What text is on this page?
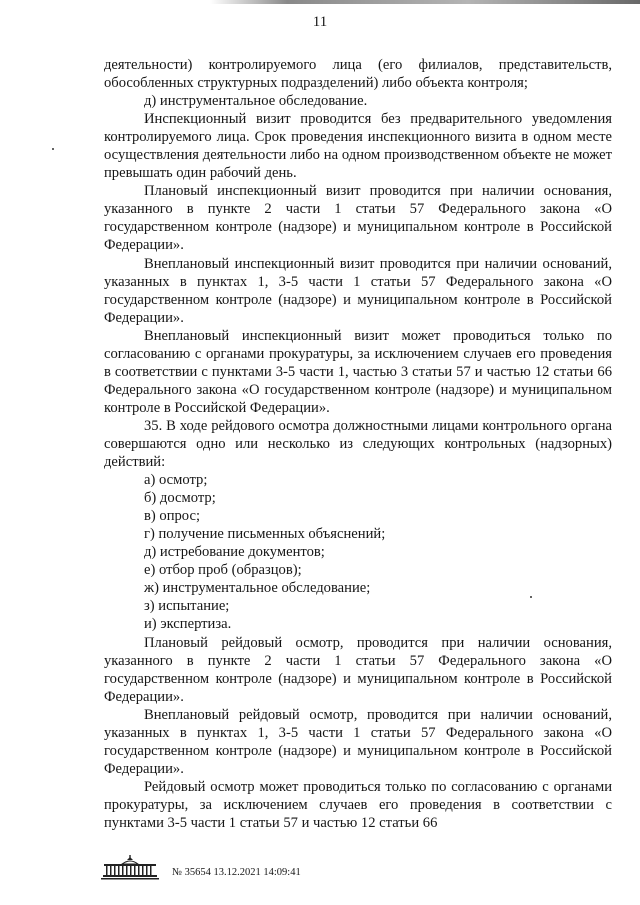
11

деятельности) контролируемого лица (его филиалов, представительств, обособленных структурных подразделений) либо объекта контроля;

д) инструментальное обследование.

Инспекционный визит проводится без предварительного уведомления контролируемого лица. Срок проведения инспекционного визита в одном месте осуществления деятельности либо на одном производственном объекте не может превышать один рабочий день.

Плановый инспекционный визит проводится при наличии основания, указанного в пункте 2 части 1 статьи 57 Федерального закона «О государственном контроле (надзоре) и муниципальном контроле в Российской Федерации».

Внеплановый инспекционный визит проводится при наличии оснований, указанных в пунктах 1, 3-5 части 1 статьи 57 Федерального закона «О государственном контроле (надзоре) и муниципальном контроле в Российской Федерации».

Внеплановый инспекционный визит может проводиться только по согласованию с органами прокуратуры, за исключением случаев его проведения в соответствии с пунктами 3-5 части 1, частью 3 статьи 57 и частью 12 статьи 66 Федерального закона «О государственном контроле (надзоре) и муниципальном контроле в Российской Федерации».

35. В ходе рейдового осмотра должностными лицами контрольного органа совершаются одно или несколько из следующих контрольных (надзорных) действий:

а) осмотр;

б) досмотр;

в) опрос;

г) получение письменных объяснений;

д) истребование документов;

е) отбор проб (образцов);

ж) инструментальное обследование;

з) испытание;

и) экспертиза.

Плановый рейдовый осмотр, проводится при наличии основания, указанного в пункте 2 части 1 статьи 57 Федерального закона «О государственном контроле (надзоре) и муниципальном контроле в Российской Федерации».

Внеплановый рейдовый осмотр, проводится при наличии оснований, указанных в пунктах 1, 3-5 части 1 статьи 57 Федерального закона «О государственном контроле (надзоре) и муниципальном контроле в Российской Федерации».

Рейдовый осмотр может проводиться только по согласованию с органами прокуратуры, за исключением случаев его проведения в соответствии с пунктами 3-5 части 1 статьи 57 и частью 12 статьи 66

№ 35654 13.12.2021 14:09:41
